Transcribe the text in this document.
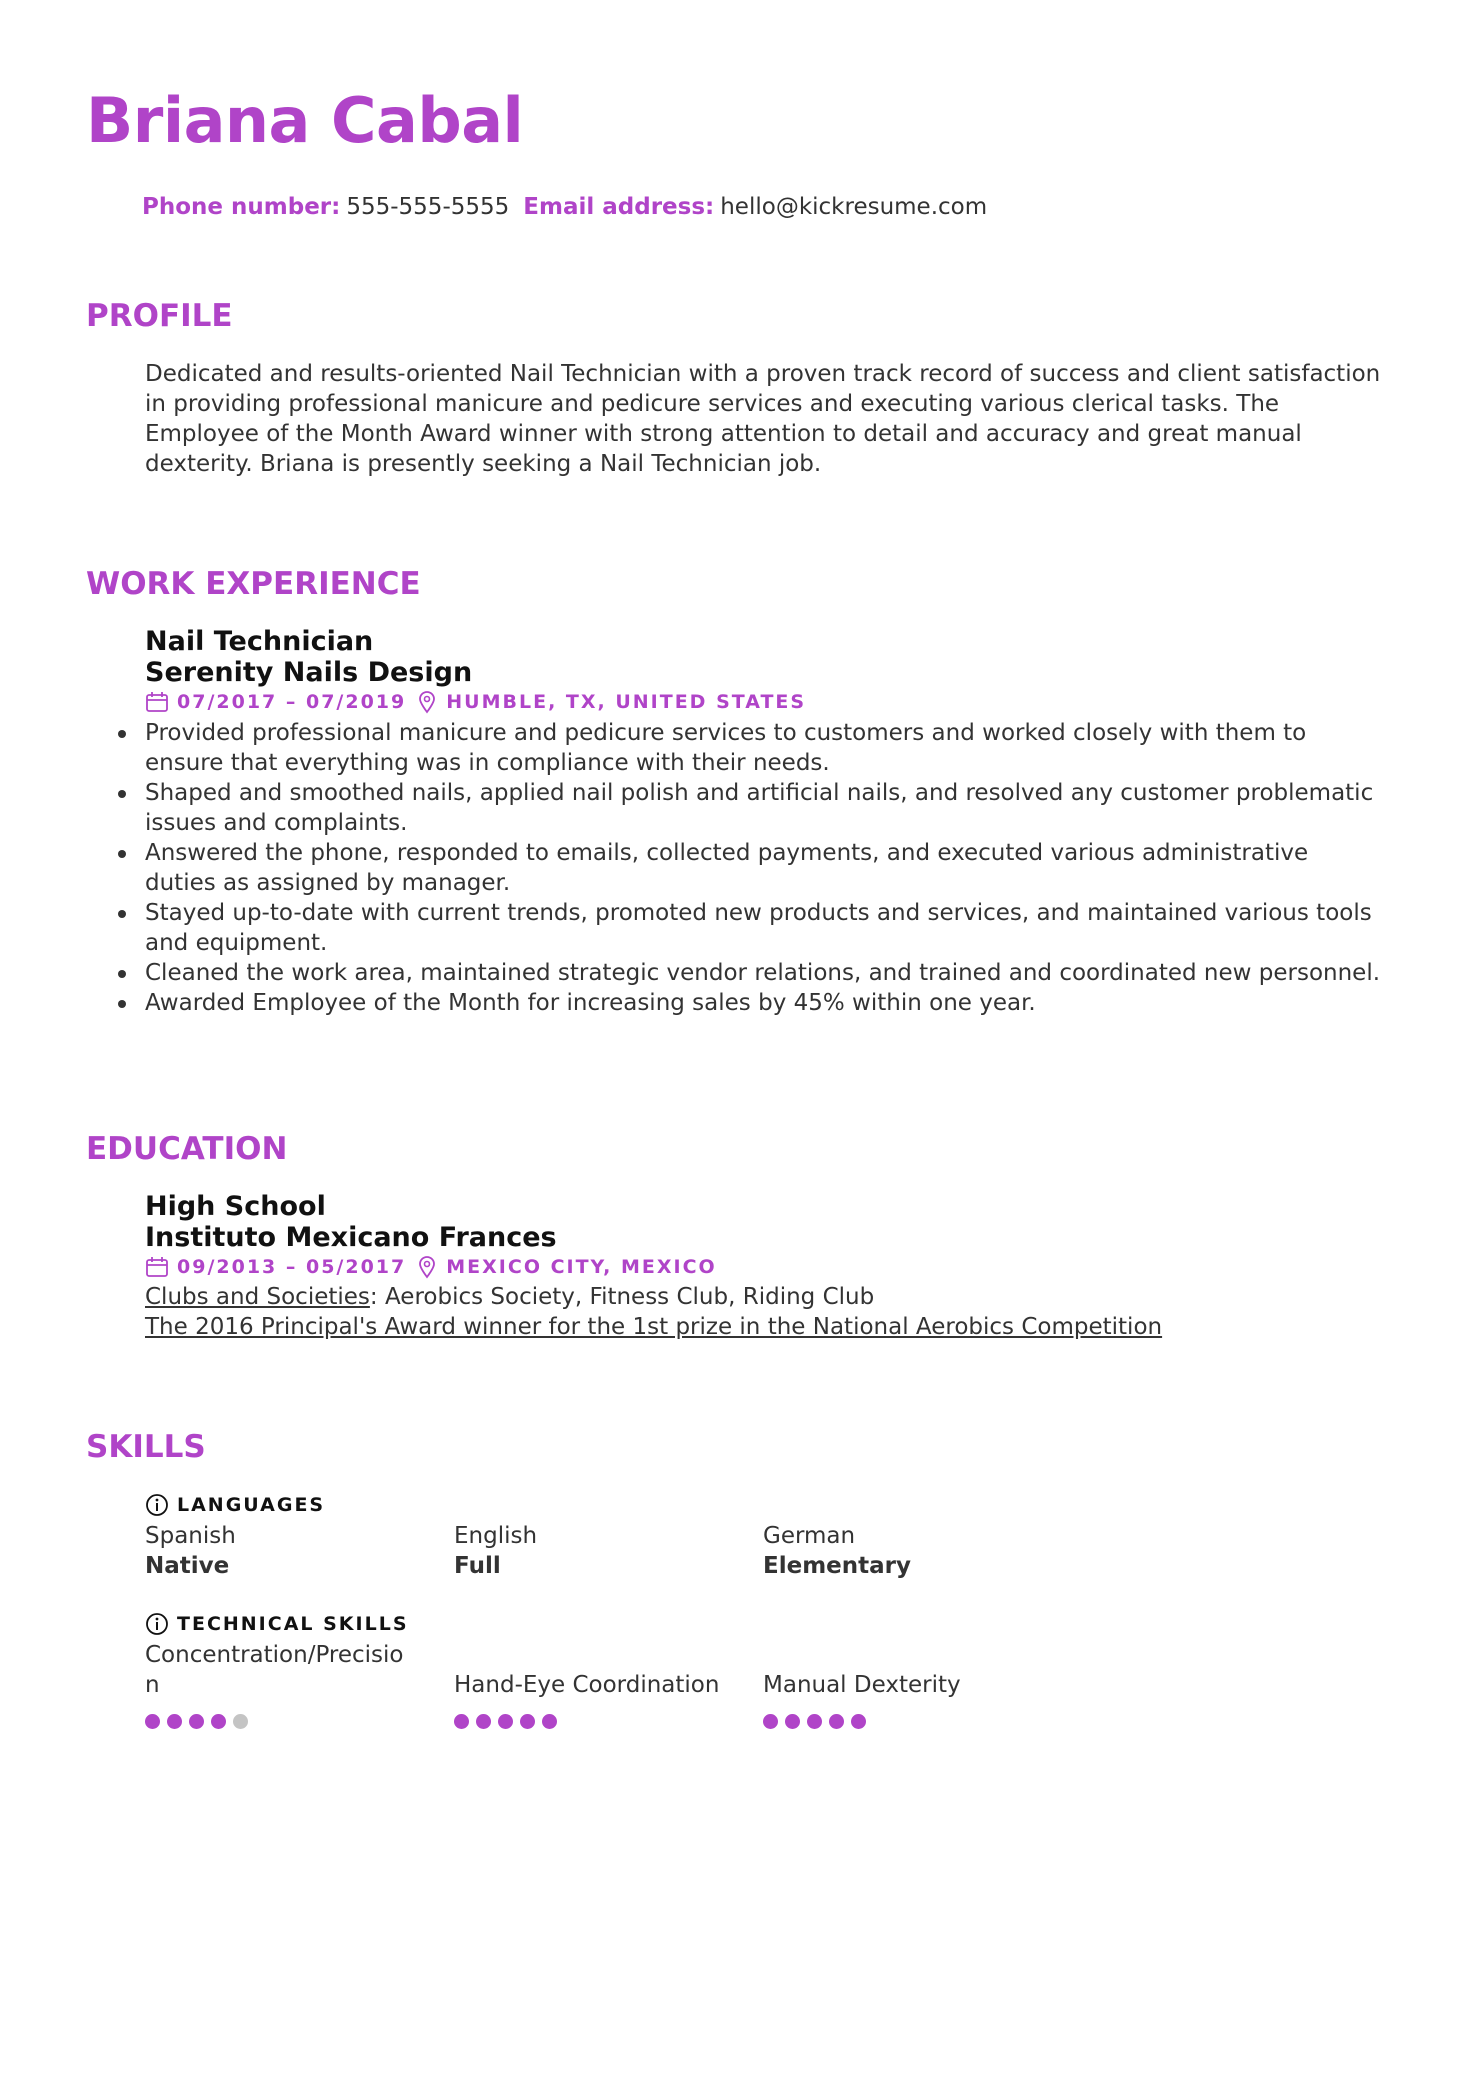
Briana Cabal
Phone number: 555-555-5555 Email address: hello@kickresume.com
PROFILE

Dedicated and results-oriented Nail Technician with a proven track record of success and client satisfaction in providing professional manicure and pedicure services and executing various clerical tasks. The Employee of the Month Award winner with strong attention to detail and accuracy and great manual dexterity. Briana is presently seeking a Nail Technician job.

WORK EXPERIENCE
Nail Technician
Serenity Nails Design
07/2017 – 07/2019 HUMBLE, TX, UNITED STATES
Provided professional manicure and pedicure services to customers and worked closely with them to ensure that everything was in compliance with their needs.
Shaped and smoothed nails, applied nail polish and artificial nails, and resolved any customer problematic issues and complaints.
Answered the phone, responded to emails, collected payments, and executed various administrative duties as assigned by manager.
Stayed up-to-date with current trends, promoted new products and services, and maintained various tools and equipment.
Cleaned the work area, maintained strategic vendor relations, and trained and coordinated new personnel.
Awarded Employee of the Month for increasing sales by 45% within one year.
EDUCATION
High School
Instituto Mexicano Frances
09/2013 – 05/2017 MEXICO CITY, MEXICO
Clubs and Societies: Aerobics Society, Fitness Club, Riding Club
The 2016 Principal's Award winner for the 1st prize in the National Aerobics Competition
SKILLS
LANGUAGES
Spanish
Native
English
Full
German
Elementary
TECHNICAL SKILLS
Concentration/Precisio
n	Hand-Eye Coordination Manual Dexterity
